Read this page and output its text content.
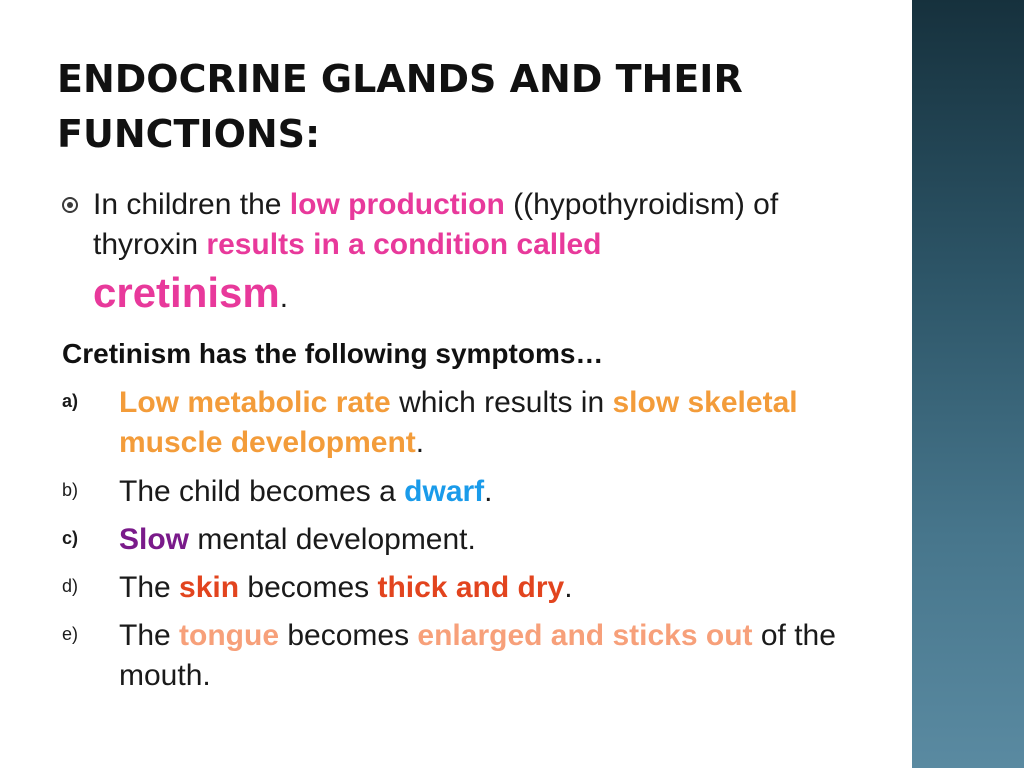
ENDOCRINE GLANDS AND THEIR
FUNCTIONS:
In children the low production ((hypothyroidism) of thyroxin results in a condition called
cretinism.

Cretinism has the following symptoms…

a) Low metabolic rate which results in slow skeletal muscle development.
b) The child becomes a dwarf.
c) Slow mental development.
d) The skin becomes thick and dry.
e) The tongue becomes enlarged and sticks out of the mouth.
